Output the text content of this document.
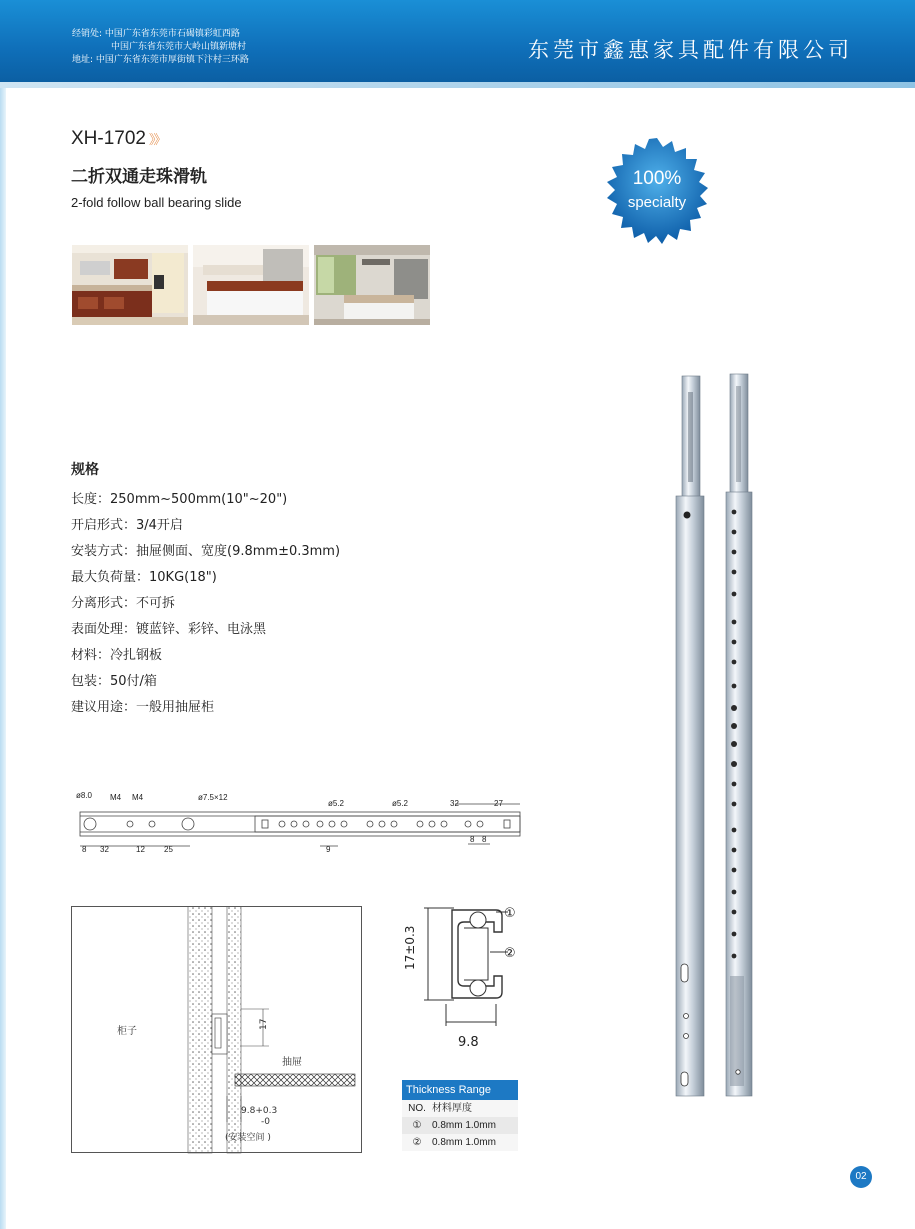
经销处: 中国广东省东莞市石碣镇彩虹西路
中国广东省东莞市大岭山镇新塘村
地址: 中国广东省东莞市厚街镇下汴村三环路	东莞市鑫惠家具配件有限公司
XH-1702 》》
二折双通走珠滑轨
2-fold follow ball bearing slide
100%
specialty
规格
长度：250mm~500mm(10"~20")
开启形式：3/4开启
安装方式：抽屉侧面、宽度(9.8mm±0.3mm)
最大负荷量：10KG(18")
分离形式：不可拆
表面处理：镀蓝锌、彩锌、电泳黑
材料：冷扎钢板
包装：50付/箱
建议用途：一般用抽屉柜
ø8.0 M4 M4	ø7.5×12
ø5.2	ø5.2	32	27
8 32	12 25	9
8 8
柜子
抽屉
17
9.8+0.3
-0
(安装空间 )
17±0.3
9.8
①
②
Thickness Range
NO. 材料厚度
①	0.8mm 1.0mm
②	0.8mm 1.0mm
02
